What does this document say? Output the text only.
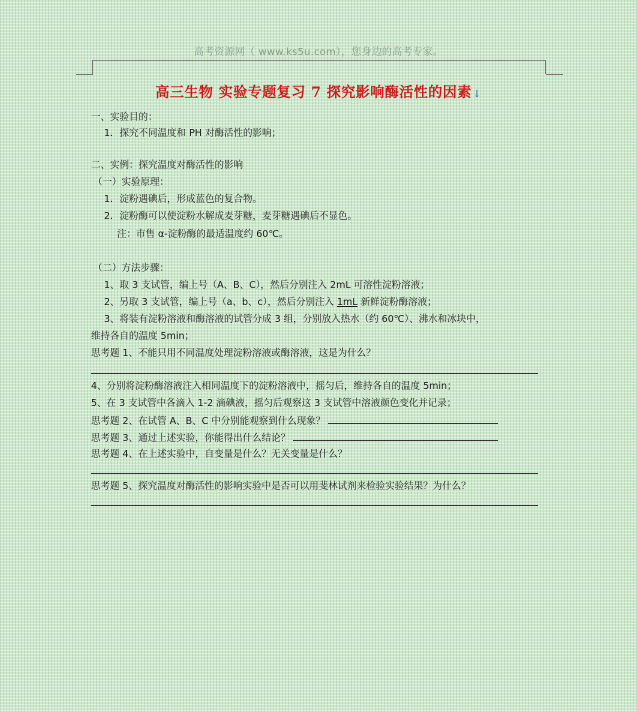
高考资源网（ www.ks5u.com），您身边的高考专家。
高三生物 实验专题复习 7 探究影响酶活性的因素↓
一、实验目的：
1．探究不同温度和 PH 对酶活性的影响；
二、实例：探究温度对酶活性的影响
（一）实验原理：
1．淀粉遇碘后，形成蓝色的复合物。
2．淀粉酶可以使淀粉水解成麦芽糖，麦芽糖遇碘后不显色。
注：市售 α-淀粉酶的最适温度约 60℃。
（二）方法步骤：
1、取 3 支试管，编上号（A、B、C），然后分别注入 2mL 可溶性淀粉溶液；
2、另取 3 支试管，编上号（a、b、c），然后分别注入 1mL 新鲜淀粉酶溶液；
3、将装有淀粉溶液和酶溶液的试管分成 3 组，分别放入热水（约 60℃）、沸水和冰块中，
维持各自的温度 5min；
思考题 1、不能只用不同温度处理淀粉溶液或酶溶液，这是为什么？
4、分别将淀粉酶溶液注入相同温度下的淀粉溶液中，摇匀后，维持各自的温度 5min；
5、在 3 支试管中各滴入 1-2 滴碘液，摇匀后观察这 3 支试管中溶液颜色变化并记录；
思考题 2、在试管 A、B、C 中分别能观察到什么现象？
思考题 3、通过上述实验，你能得出什么结论？
思考题 4、在上述实验中，自变量是什么？无关变量是什么？
思考题 5、探究温度对酶活性的影响实验中是否可以用斐林试剂来检验实验结果？为什么？
